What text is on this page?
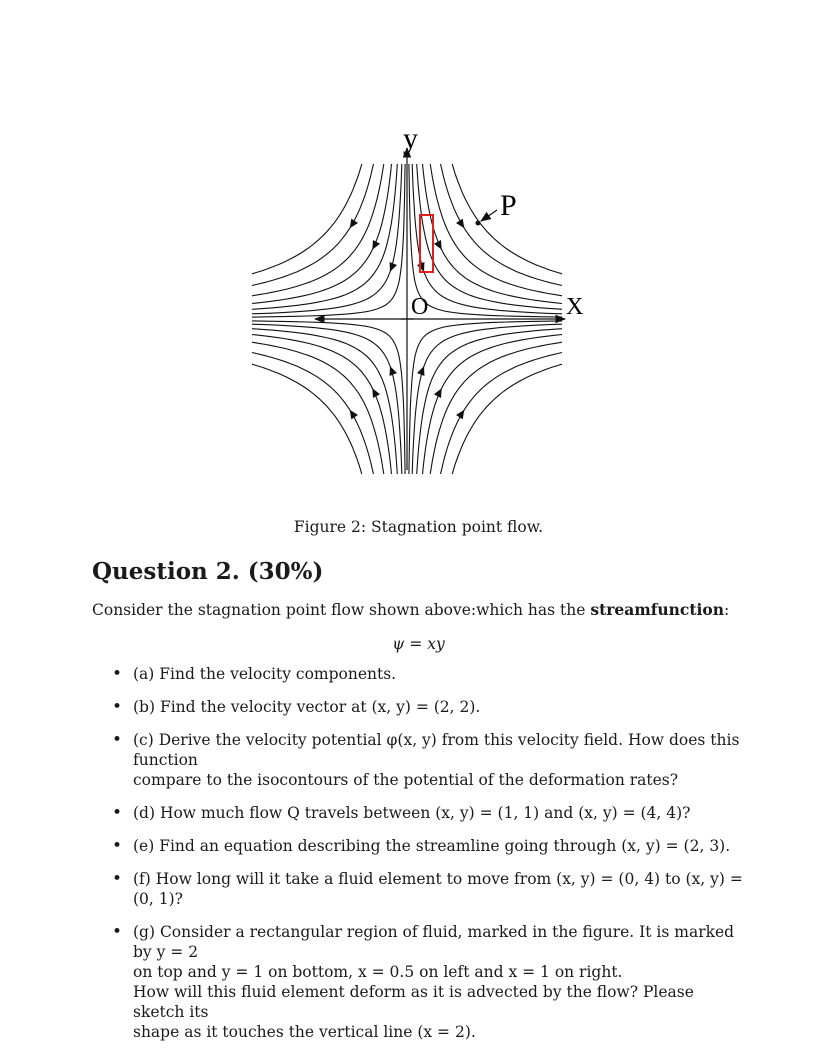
y
X
O
P
Figure 2: Stagnation point flow.
Question 2. (30%)
Consider the stagnation point flow shown above:which has the streamfunction:
ψ = xy
• (a) Find the velocity components.
• (b) Find the velocity vector at (x, y) = (2, 2).
• (c) Derive the velocity potential φ(x, y) from this velocity field. How does this function
compare to the isocontours of the potential of the deformation rates?
• (d) How much flow Q travels between (x, y) = (1, 1) and (x, y) = (4, 4)?
• (e) Find an equation describing the streamline going through (x, y) = (2, 3).
• (f) How long will it take a fluid element to move from (x, y) = (0, 4) to (x, y) = (0, 1)?
• (g) Consider a rectangular region of fluid, marked in the figure. It is marked by y = 2
on top and y = 1 on bottom, x = 0.5 on left and x = 1 on right.
How will this fluid element deform as it is advected by the flow? Please sketch its
shape as it touches the vertical line (x = 2).
